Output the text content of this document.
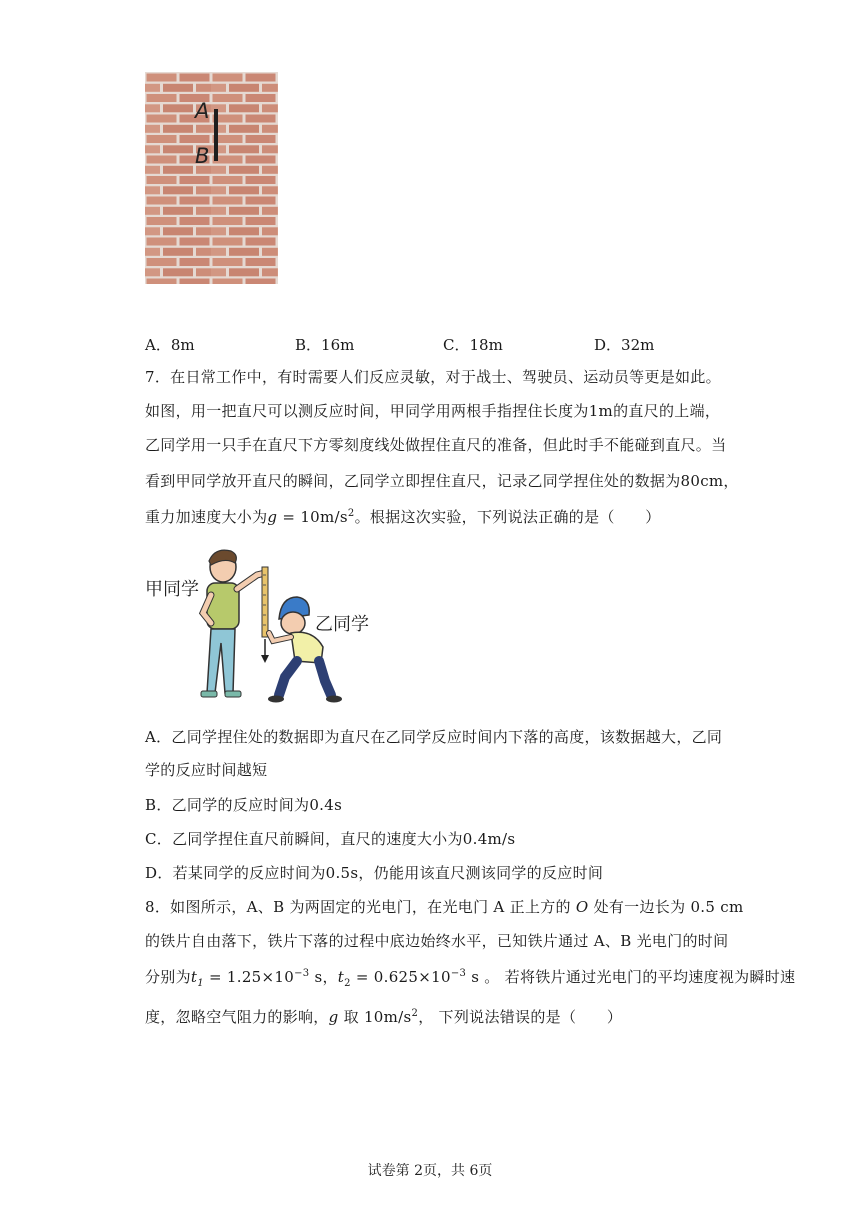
A
B
A．8m	B．16m	C．18m	D．32m
7．在日常工作中，有时需要人们反应灵敏，对于战士、驾驶员、运动员等更是如此。
如图，用一把直尺可以测反应时间，甲同学用两根手指捏住长度为1m的直尺的上端，
乙同学用一只手在直尺下方零刻度线处做捏住直尺的准备，但此时手不能碰到直尺。当
看到甲同学放开直尺的瞬间，乙同学立即捏住直尺，记录乙同学捏住处的数据为80cm，
重力加速度大小为$g = 10m/s^2$。根据这次实验，下列说法正确的是（　　）
甲同学
乙同学
A．乙同学捏住处的数据即为直尺在乙同学反应时间内下落的高度，该数据越大，乙同
学的反应时间越短
B．乙同学的反应时间为0.4s
C．乙同学捏住直尺前瞬间，直尺的速度大小为0.4m/s
D．若某同学的反应时间为0.5s，仍能用该直尺测该同学的反应时间
8．如图所示，A、B 为两固定的光电门，在光电门 A 正上方的 O 处有一边长为 0.5 cm
的铁片自由落下，铁片下落的过程中底边始终水平，已知铁片通过 A、B 光电门的时间
分别为$t_1 = 1.25\times 10^{-3}$ s，$t_2 = 0.625\times 10^{-3}$ s 。 若将铁片通过光电门的平均速度视为瞬时速
度，忽略空气阻力的影响，g 取 $10m/s^2$， 下列说法错误的是（　　）
试卷第 2页，共 6页
